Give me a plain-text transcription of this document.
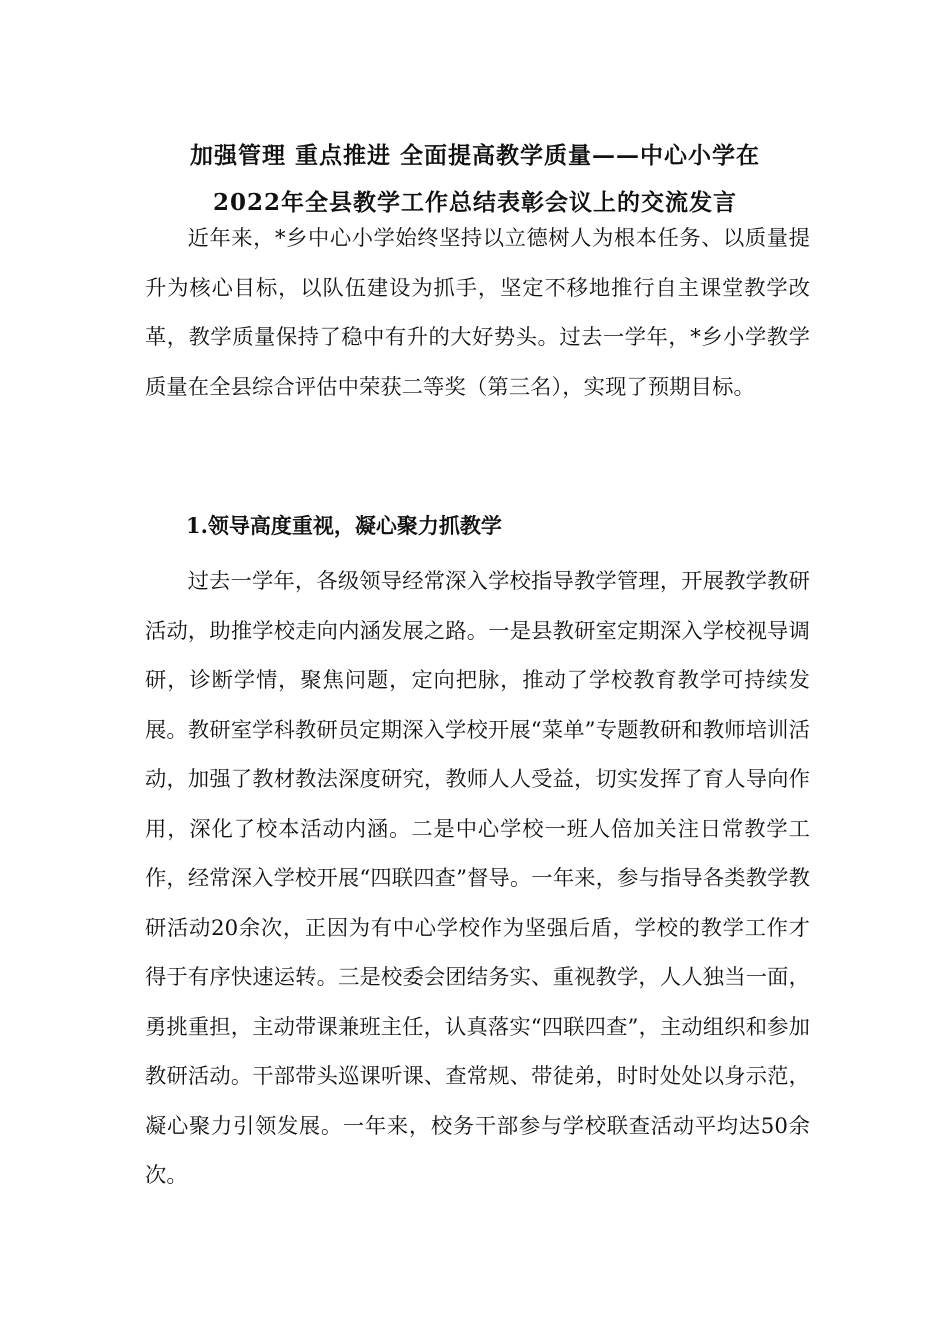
加强管理 重点推进 全面提高教学质量——中心小学在
2022年全县教学工作总结表彰会议上的交流发言
近年来，*乡中心小学始终坚持以立德树人为根本任务、以质量提升为核心目标，以队伍建设为抓手，坚定不移地推行自主课堂教学改革，教学质量保持了稳中有升的大好势头。过去一学年，*乡小学教学质量在全县综合评估中荣获二等奖（第三名），实现了预期目标。
1.领导高度重视，凝心聚力抓教学
过去一学年，各级领导经常深入学校指导教学管理，开展教学教研活动，助推学校走向内涵发展之路。一是县教研室定期深入学校视导调研，诊断学情，聚焦问题，定向把脉，推动了学校教育教学可持续发展。教研室学科教研员定期深入学校开展“菜单”专题教研和教师培训活动，加强了教材教法深度研究，教师人人受益，切实发挥了育人导向作用，深化了校本活动内涵。二是中心学校一班人倍加关注日常教学工作，经常深入学校开展“四联四查”督导。一年来，参与指导各类教学教研活动20余次，正因为有中心学校作为坚强后盾，学校的教学工作才得于有序快速运转。三是校委会团结务实、重视教学，人人独当一面，勇挑重担，主动带课兼班主任，认真落实“四联四查”，主动组织和参加教研活动。干部带头巡课听课、查常规、带徒弟，时时处处以身示范，凝心聚力引领发展。一年来，校务干部参与学校联查活动平均达50余次。
